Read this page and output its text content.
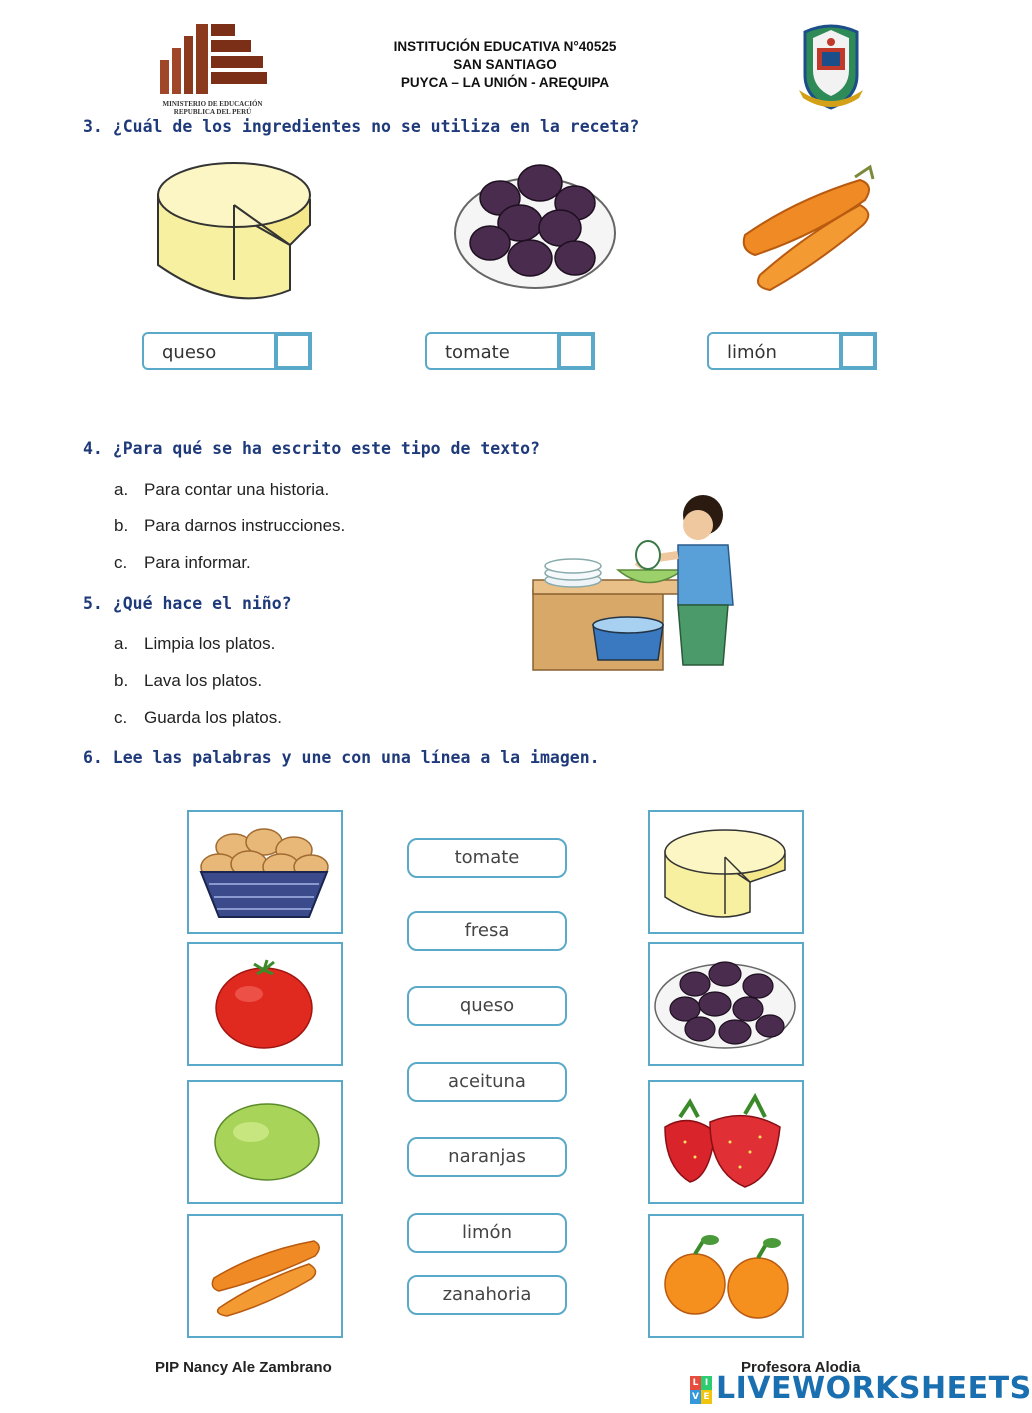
MINISTERIO DE EDUCACIÓN
REPUBLICA DEL PERÚ
INSTITUCIÓN EDUCATIVA N°40525
SAN SANTIAGO
PUYCA – LA UNIÓN - AREQUIPA
3. ¿Cuál de los ingredientes no se utiliza en la receta?
queso	tomate	limón
4. ¿Para qué se ha escrito este tipo de texto?
a. Para contar una historia.
b. Para darnos instrucciones.
c. Para informar.
5. ¿Qué hace el niño?
a. Limpia los platos.
b. Lava los platos.
c. Guarda los platos.
6. Lee las palabras y une con una línea a la imagen.
tomate
fresa
queso
aceituna
naranjas
limón
zanahoria
PIP Nancy Ale Zambrano	Profesora Alodia
L I
V E LIVEWORKSHEETS
